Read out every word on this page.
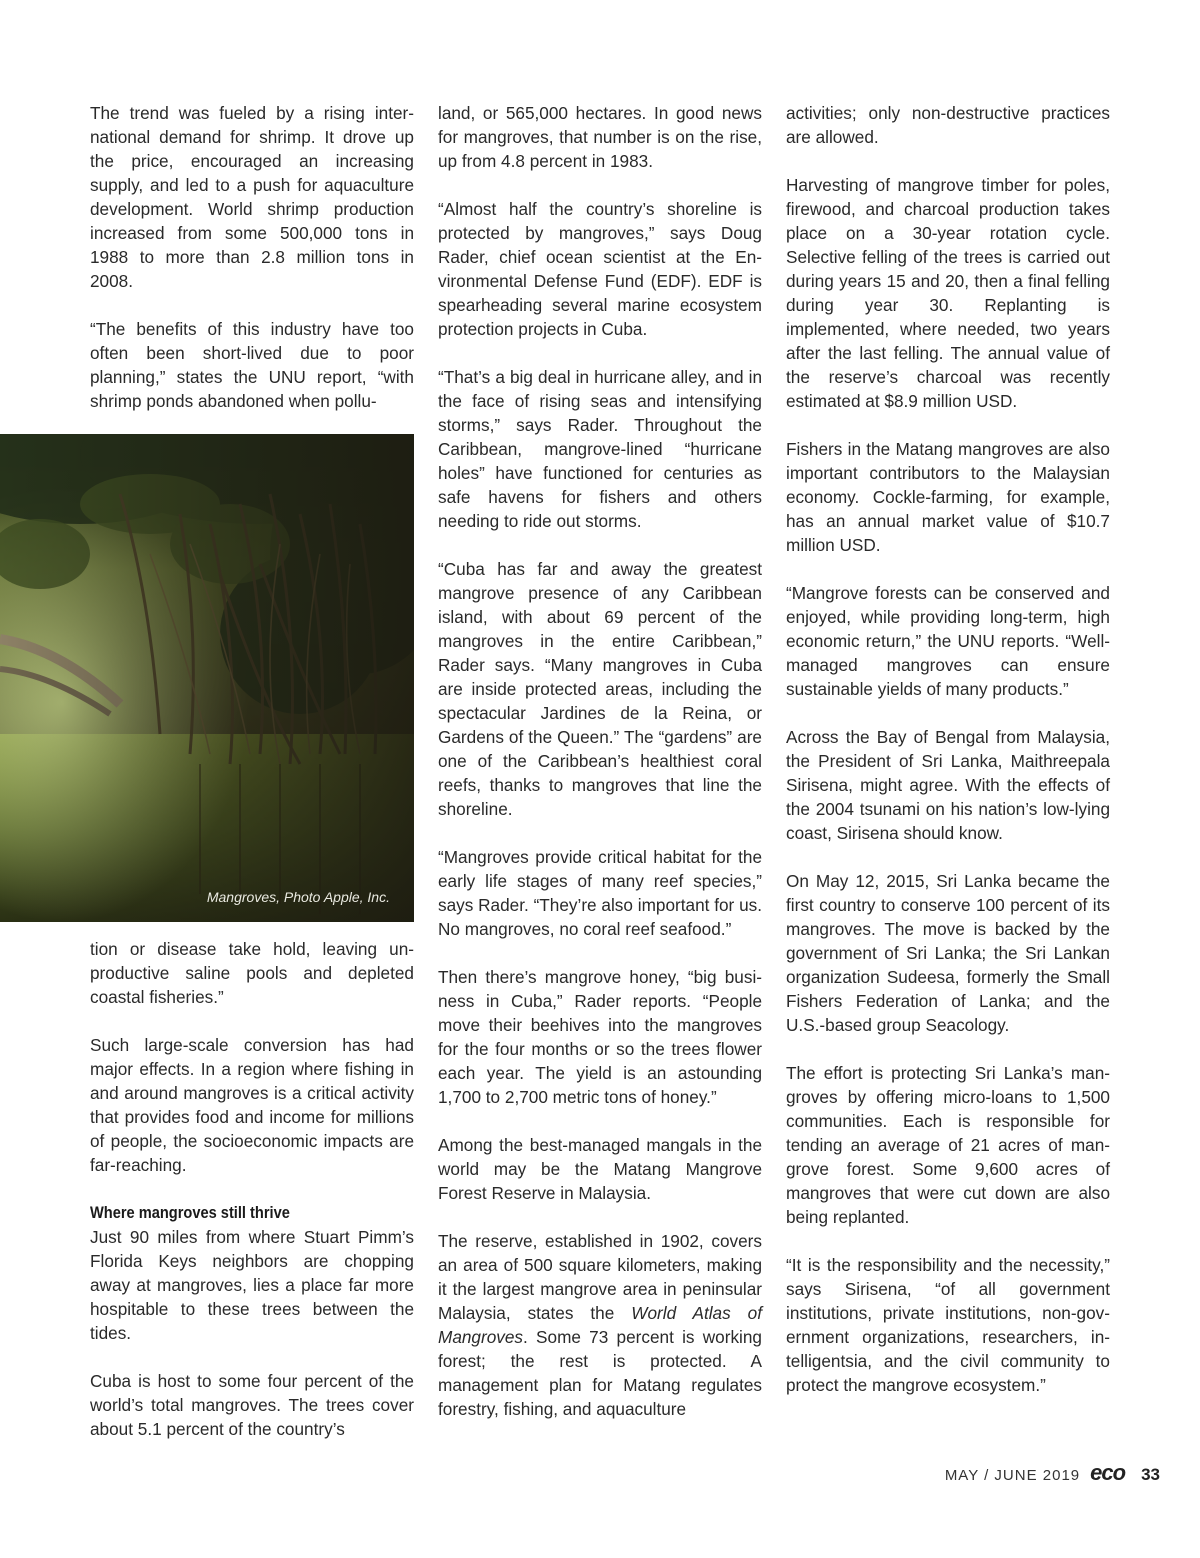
The trend was fueled by a rising international demand for shrimp. It drove up the price, encouraged an increasing supply, and led to a push for aquaculture development. World shrimp production increased from some 500,000 tons in 1988 to more than 2.8 million tons in 2008.

“The benefits of this industry have too often been short-lived due to poor planning,” states the UNU report, “with shrimp ponds abandoned when pollu-

Mangroves, Photo Apple, Inc.

tion or disease take hold, leaving unproductive saline pools and depleted coastal fisheries.”

Such large-scale conversion has had major effects. In a region where fishing in and around mangroves is a critical activity that provides food and income for millions of people, the socioeconomic impacts are far-reaching.

Where mangroves still thrive

Just 90 miles from where Stuart Pimm’s Florida Keys neighbors are chopping away at mangroves, lies a place far more hospitable to these trees between the tides.

Cuba is host to some four percent of the world’s total mangroves. The trees cover about 5.1 percent of the country’s

land, or 565,000 hectares. In good news for mangroves, that number is on the rise, up from 4.8 percent in 1983.

“Almost half the country’s shoreline is protected by mangroves,” says Doug Rader, chief ocean scientist at the Environmental Defense Fund (EDF). EDF is spearheading several marine ecosystem protection projects in Cuba.

“That’s a big deal in hurricane alley, and in the face of rising seas and intensifying storms,” says Rader. Throughout the Caribbean, mangrove-lined “hurricane holes” have functioned for centuries as safe havens for fishers and others needing to ride out storms.

“Cuba has far and away the greatest mangrove presence of any Caribbean island, with about 69 percent of the mangroves in the entire Caribbean,” Rader says. “Many mangroves in Cuba are inside protected areas, including the spectacular Jardines de la Reina, or Gardens of the Queen.” The “gardens” are one of the Caribbean’s healthiest coral reefs, thanks to mangroves that line the shoreline.

“Mangroves provide critical habitat for the early life stages of many reef species,” says Rader. “They’re also important for us. No mangroves, no coral reef seafood.”

Then there’s mangrove honey, “big business in Cuba,” Rader reports. “People move their beehives into the mangroves for the four months or so the trees flower each year. The yield is an astounding 1,700 to 2,700 metric tons of honey.”

Among the best-managed mangals in the world may be the Matang Mangrove Forest Reserve in Malaysia.

The reserve, established in 1902, covers an area of 500 square kilometers, making it the largest mangrove area in peninsular Malaysia, states the World Atlas of Mangroves. Some 73 percent is working forest; the rest is protected. A management plan for Matang regulates forestry, fishing, and aquaculture

activities; only non-destructive practices are allowed.

Harvesting of mangrove timber for poles, firewood, and charcoal production takes place on a 30-year rotation cycle. Selective felling of the trees is carried out during years 15 and 20, then a final felling during year 30. Replanting is implemented, where needed, two years after the last felling. The annual value of the reserve’s charcoal was recently estimated at $8.9 million USD.

Fishers in the Matang mangroves are also important contributors to the Malaysian economy. Cockle-farming, for example, has an annual market value of $10.7 million USD.

“Mangrove forests can be conserved and enjoyed, while providing long-term, high economic return,” the UNU reports. “Well-managed mangroves can ensure sustainable yields of many products.”

Across the Bay of Bengal from Malaysia, the President of Sri Lanka, Maithreepala Sirisena, might agree. With the effects of the 2004 tsunami on his nation’s low-lying coast, Sirisena should know.

On May 12, 2015, Sri Lanka became the first country to conserve 100 percent of its mangroves. The move is backed by the government of Sri Lanka; the Sri Lankan organization Sudeesa, formerly the Small Fishers Federation of Lanka; and the U.S.-based group Seacology.

The effort is protecting Sri Lanka’s mangroves by offering micro-loans to 1,500 communities. Each is responsible for tending an average of 21 acres of mangrove forest. Some 9,600 acres of mangroves that were cut down are also being replanted.

“It is the responsibility and the necessity,” says Sirisena, “of all government institutions, private institutions, non-government organizations, researchers, intelligentsia, and the civil community to protect the mangrove ecosystem.”

MAY / JUNE 2019 eco 33
